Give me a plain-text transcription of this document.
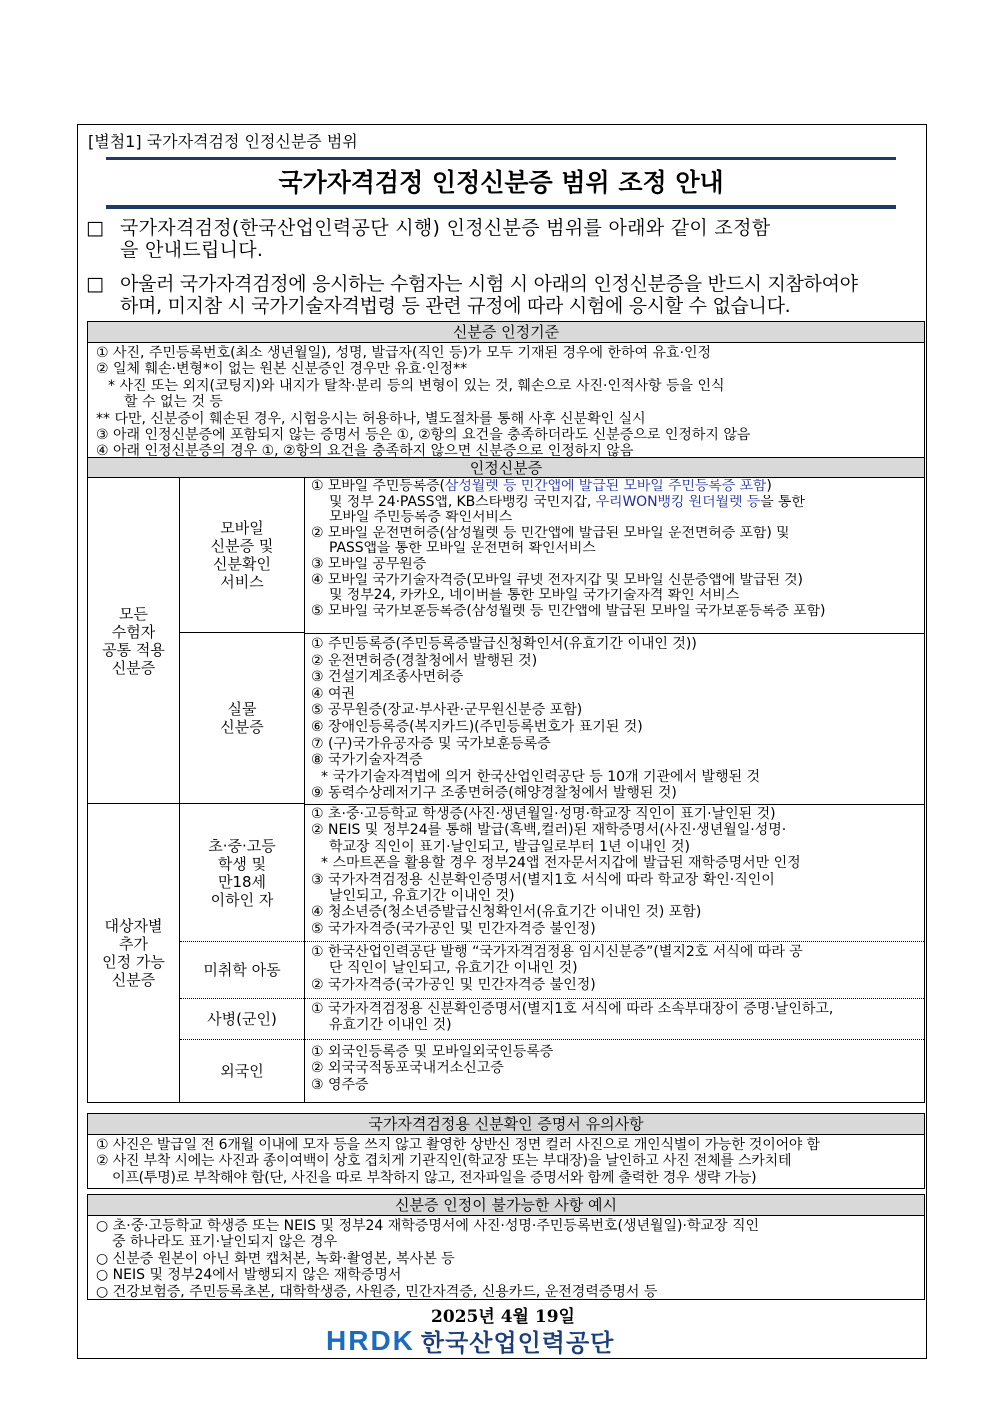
[별첨1] 국가자격검정 인정신분증 범위
국가자격검정 인정신분증 범위 조정 안내
□ 국가자격검정(한국산업인력공단 시행) 인정신분증 범위를 아래와 같이 조정함
을 안내드립니다.
□ 아울러 국가자격검정에 응시하는 수험자는 시험 시 아래의 인정신분증을 반드시 지참하여야
하며, 미지참 시 국가기술자격법령 등 관련 규정에 따라 시험에 응시할 수 없습니다.
신분증 인정기준
① 사진, 주민등록번호(최소 생년월일), 성명, 발급자(직인 등)가 모두 기재된 경우에 한하여 유효·인정
② 일체 훼손·변형*이 없는 원본 신분증인 경우만 유효·인정**
* 사진 또는 외지(코팅지)와 내지가 탈착·분리 등의 변형이 있는 것, 훼손으로 사진·인적사항 등을 인식
할 수 없는 것 등
** 다만, 신분증이 훼손된 경우, 시험응시는 허용하나, 별도절차를 통해 사후 신분확인 실시
③ 아래 인정신분증에 포함되지 않는 증명서 등은 ①, ②항의 요건을 충족하더라도 신분증으로 인정하지 않음
④ 아래 인정신분증의 경우 ①, ②항의 요건을 충족하지 않으면 신분증으로 인정하지 않음
인정신분증
모든
수험자
공통 적용
신분증
대상자별
추가
인정 가능
신분증
모바일
신분증 및
신분확인
서비스
① 모바일 주민등록증(삼성월렛 등 민간앱에 발급된 모바일 주민등록증 포함)
및 정부 24·PASS앱, KB스타뱅킹 국민지갑, 우리WON뱅킹 원더월렛 등을 통한
모바일 주민등록증 확인서비스
② 모바일 운전면허증(삼성월렛 등 민간앱에 발급된 모바일 운전면허증 포함) 및
PASS앱을 통한 모바일 운전면허 확인서비스
③ 모바일 공무원증
④ 모바일 국가기술자격증(모바일 큐넷 전자지갑 및 모바일 신분증앱에 발급된 것)
및 정부24, 카카오, 네이버를 통한 모바일 국가기술자격 확인 서비스
⑤ 모바일 국가보훈등록증(삼성월렛 등 민간앱에 발급된 모바일 국가보훈등록증 포함)
실물
신분증
① 주민등록증(주민등록증발급신청확인서(유효기간 이내인 것))
② 운전면허증(경찰청에서 발행된 것)
③ 건설기계조종사면허증
④ 여권
⑤ 공무원증(장교·부사관·군무원신분증 포함)
⑥ 장애인등록증(복지카드)(주민등록번호가 표기된 것)
⑦ (구)국가유공자증 및 국가보훈등록증
⑧ 국가기술자격증
* 국가기술자격법에 의거 한국산업인력공단 등 10개 기관에서 발행된 것
⑨ 동력수상레저기구 조종면허증(해양경찰청에서 발행된 것)
초·중·고등
학생 및
만18세
이하인 자
① 초·중·고등학교 학생증(사진·생년월일·성명·학교장 직인이 표기·날인된 것)
② NEIS 및 정부24를 통해 발급(흑백,컬러)된 재학증명서(사진·생년월일·성명·
학교장 직인이 표기·날인되고, 발급일로부터 1년 이내인 것)
* 스마트폰을 활용할 경우 정부24앱 전자문서지갑에 발급된 재학증명서만 인정
③ 국가자격검정용 신분확인증명서(별지1호 서식에 따라 학교장 확인·직인이
날인되고, 유효기간 이내인 것)
④ 청소년증(청소년증발급신청확인서(유효기간 이내인 것) 포함)
⑤ 국가자격증(국가공인 및 민간자격증 불인정)
미취학 아동
① 한국산업인력공단 발행 “국가자격검정용 임시신분증”(별지2호 서식에 따라 공
단 직인이 날인되고, 유효기간 이내인 것)
② 국가자격증(국가공인 및 민간자격증 불인정)
사병(군인)
① 국가자격검정용 신분확인증명서(별지1호 서식에 따라 소속부대장이 증명·날인하고,
유효기간 이내인 것)
외국인
① 외국인등록증 및 모바일외국인등록증
② 외국국적동포국내거소신고증
③ 영주증
국가자격검정용 신분확인 증명서 유의사항
① 사진은 발급일 전 6개월 이내에 모자 등을 쓰지 않고 촬영한 상반신 정면 컬러 사진으로 개인식별이 가능한 것이어야 함
② 사진 부착 시에는 사진과 종이여백이 상호 겹치게 기관직인(학교장 또는 부대장)을 날인하고 사진 전체를 스카치테
이프(투명)로 부착해야 함(단, 사진을 따로 부착하지 않고, 전자파일을 증명서와 함께 출력한 경우 생략 가능)
신분증 인정이 불가능한 사항 예시
○ 초·중·고등학교 학생증 또는 NEIS 및 정부24 재학증명서에 사진·성명·주민등록번호(생년월일)·학교장 직인
중 하나라도 표기·날인되지 않은 경우
○ 신분증 원본이 아닌 화면 캡처본, 녹화·촬영본, 복사본 등
○ NEIS 및 정부24에서 발행되지 않은 재학증명서
○ 건강보험증, 주민등록초본, 대학학생증, 사원증, 민간자격증, 신용카드, 운전경력증명서 등
2025년 4월 19일
HRDK 한국산업인력공단
